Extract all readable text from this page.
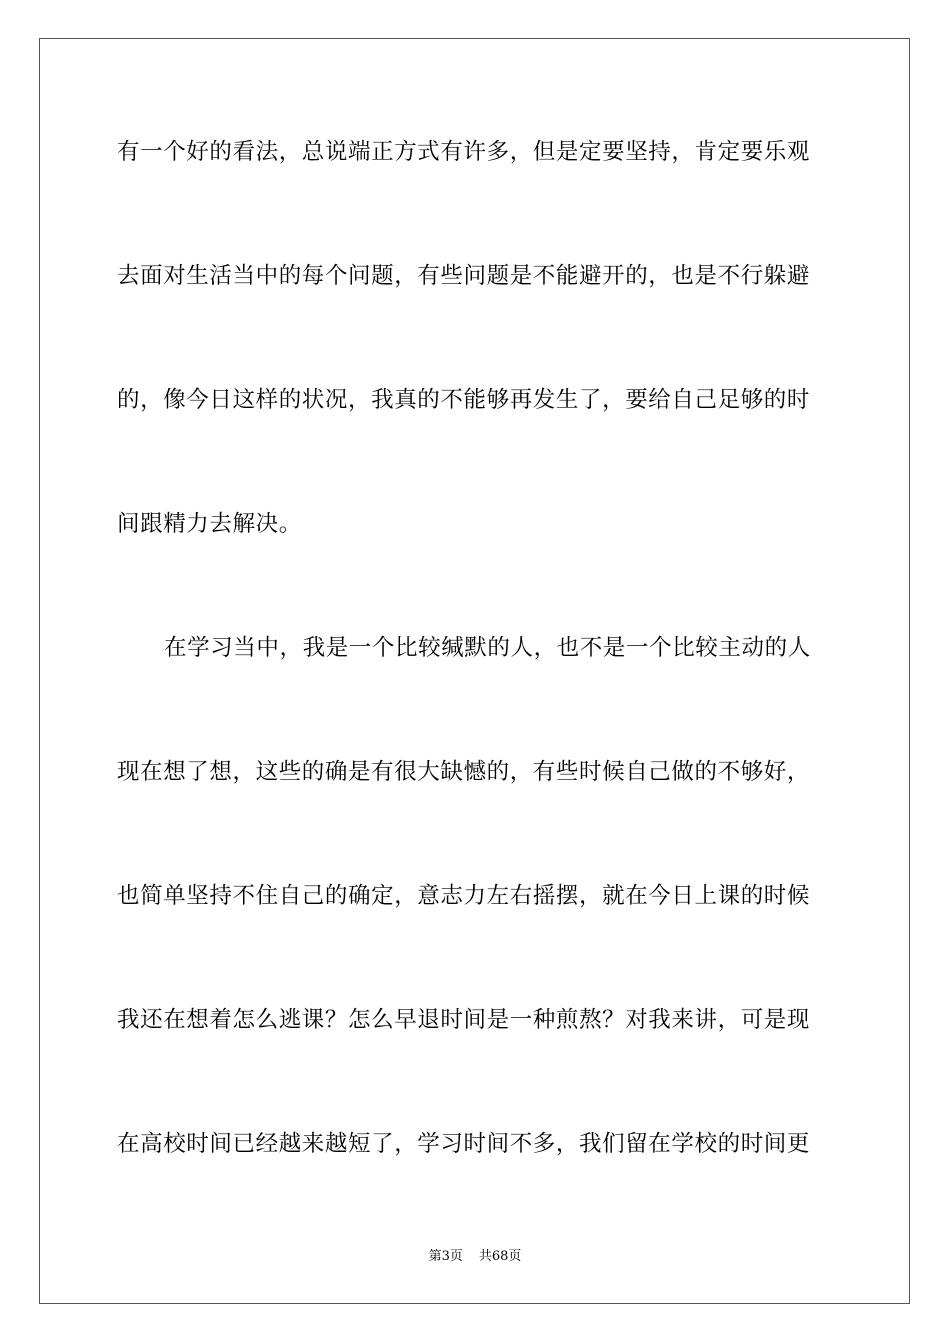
有一个好的看法，总说端正方式有许多，但是定要坚持，肯定要乐观
去面对生活当中的每个问题，有些问题是不能避开的，也是不行躲避
的，像今日这样的状况，我真的不能够再发生了，要给自己足够的时
间跟精力去解决。
在学习当中，我是一个比较缄默的人，也不是一个比较主动的人
现在想了想，这些的确是有很大缺憾的，有些时候自己做的不够好，
也简单坚持不住自己的确定，意志力左右摇摆，就在今日上课的时候
我还在想着怎么逃课？怎么早退时间是一种煎熬？对我来讲，可是现
在高校时间已经越来越短了，学习时间不多，我们留在学校的时间更
第3页 共68页
